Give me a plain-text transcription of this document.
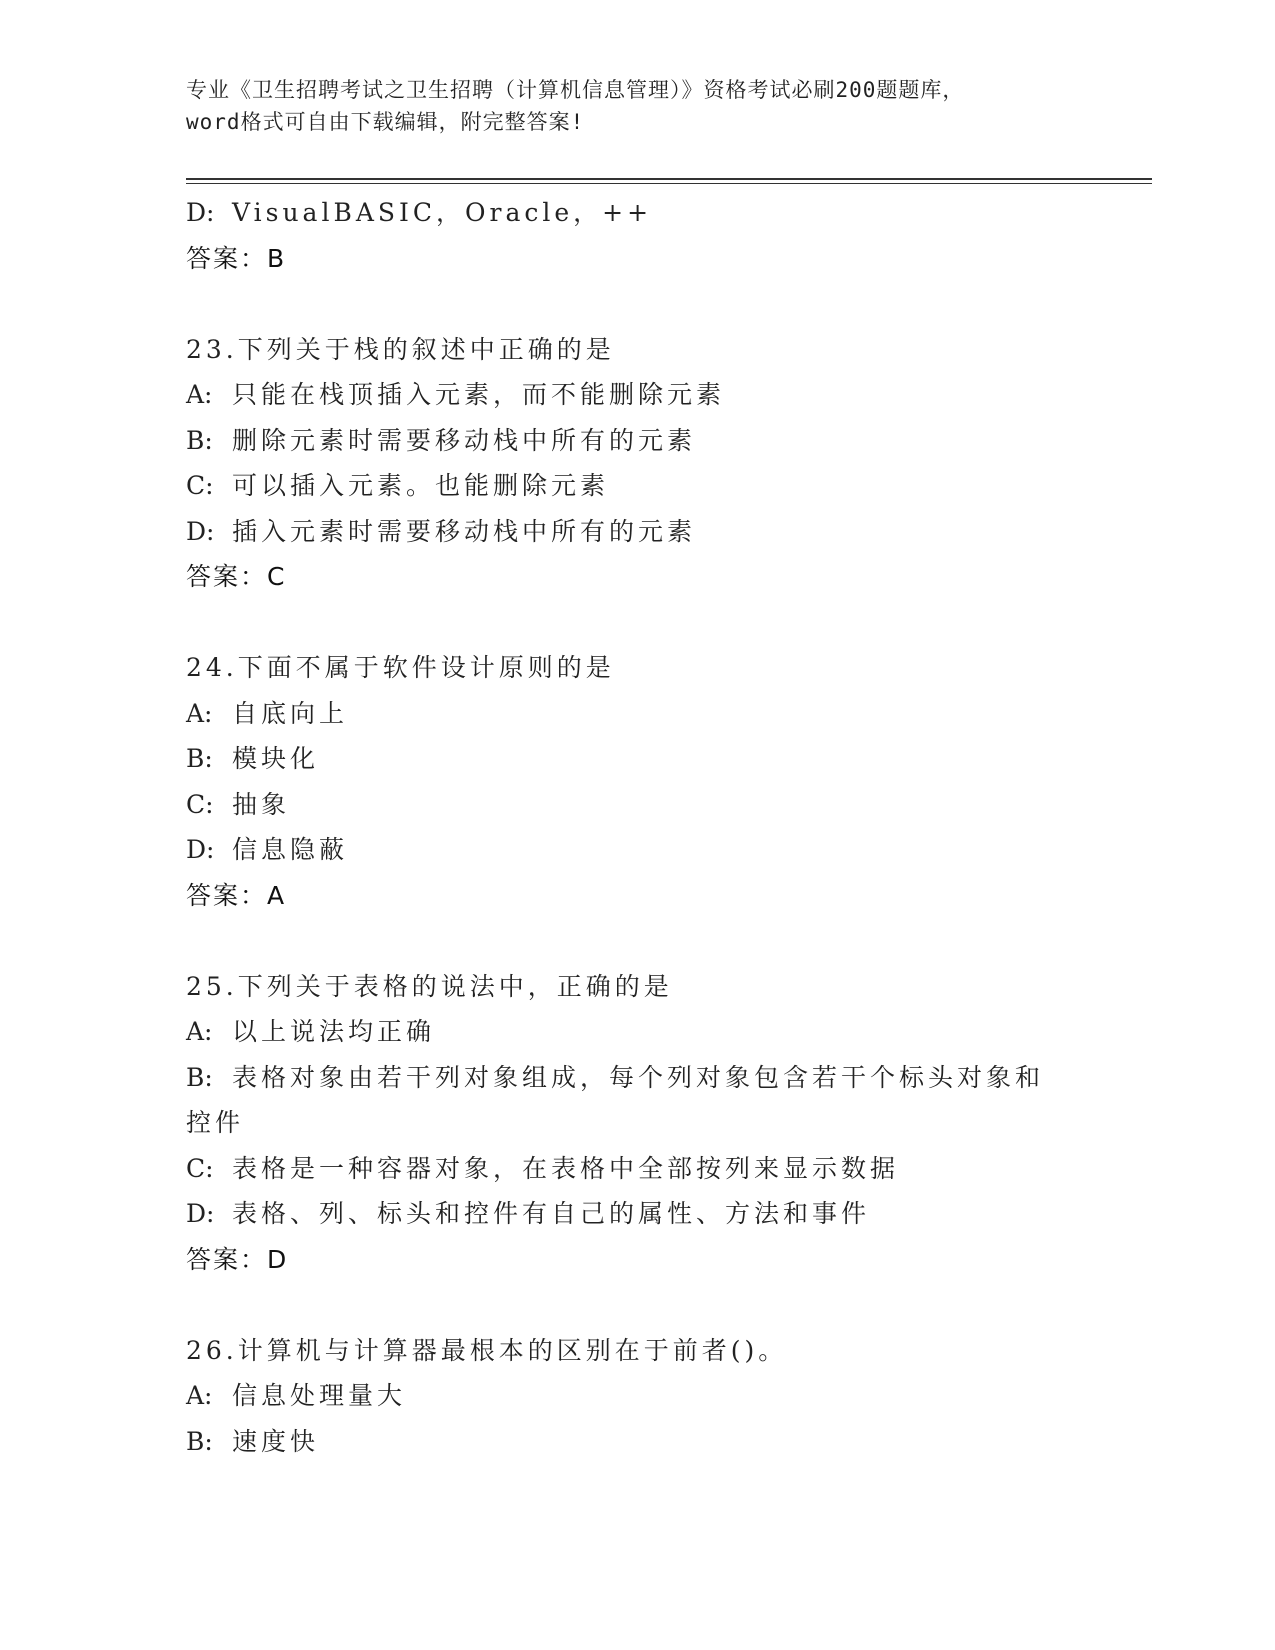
专业《卫生招聘考试之卫生招聘（计算机信息管理）》资格考试必刷200题题库，
word格式可自由下载编辑，附完整答案!
D: VisualBASIC，Oracle，++
答案：B
23.下列关于栈的叙述中正确的是
A: 只能在栈顶插入元素，而不能删除元素
B: 删除元素时需要移动栈中所有的元素
C: 可以插入元素。也能删除元素
D: 插入元素时需要移动栈中所有的元素
答案：C
24.下面不属于软件设计原则的是
A: 自底向上
B: 模块化
C: 抽象
D: 信息隐蔽
答案：A
25.下列关于表格的说法中，正确的是
A: 以上说法均正确
B: 表格对象由若干列对象组成，每个列对象包含若干个标头对象和控件
C: 表格是一种容器对象，在表格中全部按列来显示数据
D: 表格、列、标头和控件有自己的属性、方法和事件
答案：D
26.计算机与计算器最根本的区别在于前者()。
A: 信息处理量大
B: 速度快
